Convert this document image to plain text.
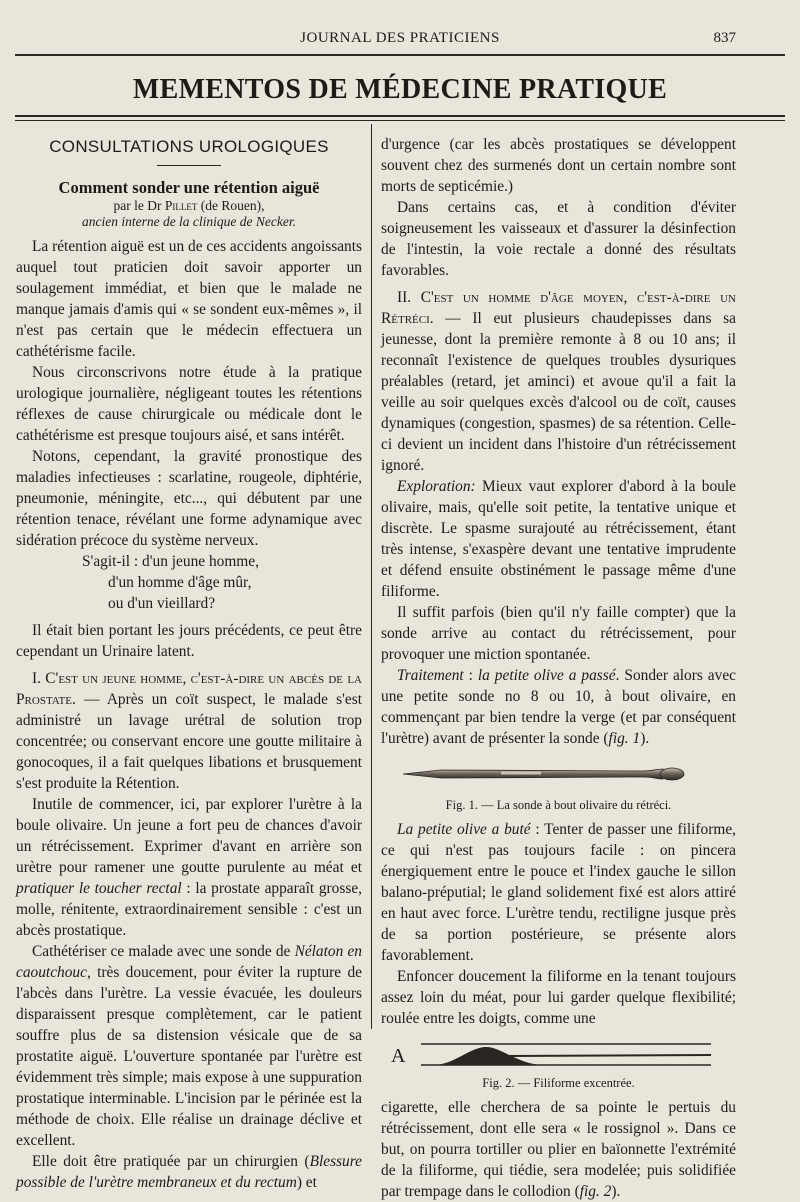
JOURNAL DES PRATICIENS	837
MEMENTOS DE MÉDECINE PRATIQUE
CONSULTATIONS UROLOGIQUES
Comment sonder une rétention aiguë
par le Dr Pillet (de Rouen),
ancien interne de la clinique de Necker.

La rétention aiguë est un de ces accidents angoissants auquel tout praticien doit savoir apporter un soulagement immédiat, et bien que le malade ne manque jamais d'amis qui « se sondent eux-mêmes », il n'est pas certain que le médecin effectuera un cathétérisme facile.

Nous circonscrivons notre étude à la pratique urologique journalière, négligeant toutes les rétentions réflexes de cause chirurgicale ou médicale dont le cathétérisme est presque toujours aisé, et sans intérêt.

Notons, cependant, la gravité pronostique des maladies infectieuses : scarlatine, rougeole, diphtérie, pneumonie, méningite, etc..., qui débutent par une rétention tenace, révélant une forme adynamique avec sidération précoce du système nerveux.

S'agit-il : d'un jeune homme,

d'un homme d'âge mûr,

ou d'un vieillard?

Il était bien portant les jours précédents, ce peut être cependant un Urinaire latent.

I. C'est un jeune homme, c'est-à-dire un abcès de la Prostate. — Après un coït suspect, le malade s'est administré un lavage urétral de solution trop concentrée; ou conservant encore une goutte militaire à gonocoques, il a fait quelques libations et brusquement s'est produite la Rétention.

Inutile de commencer, ici, par explorer l'urètre à la boule olivaire. Un jeune a fort peu de chances d'avoir un rétrécissement. Exprimer d'avant en arrière son urètre pour ramener une goutte purulente au méat et pratiquer le toucher rectal : la prostate apparaît grosse, molle, rénitente, extraordinairement sensible : c'est un abcès prostatique.

Cathétériser ce malade avec une sonde de Nélaton en caoutchouc, très doucement, pour éviter la rupture de l'abcès dans l'urètre. La vessie évacuée, les douleurs disparaissent presque complètement, car le patient souffre plus de sa distension vésicale que de sa prostatite aiguë. L'ouverture spontanée par l'urètre est évidemment très simple; mais expose à une suppuration prostatique interminable. L'incision par le périnée est la méthode de choix. Elle réalise un drainage déclive et excellent.

Elle doit être pratiquée par un chirurgien (Blessure possible de l'urètre membraneux et du rectum) et

d'urgence (car les abcès prostatiques se développent souvent chez des surmenés dont un certain nombre sont morts de septicémie.)

Dans certains cas, et à condition d'éviter soigneusement les vaisseaux et d'assurer la désinfection de l'intestin, la voie rectale a donné des résultats favorables.

II. C'est un homme d'âge moyen, c'est-à-dire un Rétréci. — Il eut plusieurs chaudepisses dans sa jeunesse, dont la première remonte à 8 ou 10 ans; il reconnaît l'existence de quelques troubles dysuriques préalables (retard, jet aminci) et avoue qu'il a fait la veille au soir quelques excès d'alcool ou de coït, causes dynamiques (congestion, spasmes) de sa rétention. Celle-ci devient un incident dans l'histoire d'un rétrécissement ignoré.

Exploration: Mieux vaut explorer d'abord à la boule olivaire, mais, qu'elle soit petite, la tentative unique et discrète. Le spasme surajouté au rétrécissement, étant très intense, s'exaspère devant une tentative imprudente et défend ensuite obstinément le passage même d'une filiforme.

Il suffit parfois (bien qu'il n'y faille compter) que la sonde arrive au contact du rétrécissement, pour provoquer une miction spontanée.

Traitement : la petite olive a passé. Sonder alors avec une petite sonde no 8 ou 10, à bout olivaire, en commençant par bien tendre la verge (et par conséquent l'urètre) avant de présenter la sonde (fig. 1).

Fig. 1. — La sonde à bout olivaire du rétréci.

La petite olive a buté : Tenter de passer une filiforme, ce qui n'est pas toujours facile : on pincera énergiquement entre le pouce et l'index gauche le sillon balano-préputial; le gland solidement fixé est alors attiré en haut avec force. L'urètre tendu, rectiligne jusque près de sa portion postérieure, se présente alors favorablement.

Enfoncer doucement la filiforme en la tenant toujours assez loin du méat, pour lui garder quelque flexibilité; roulée entre les doigts, comme une

A
Fig. 2. — Filiforme excentrée.

cigarette, elle cherchera de sa pointe le pertuis du rétrécissement, dont elle sera « le rossignol ». Dans ce but, on pourra tortiller ou plier en baïonnette l'extrémité de la filiforme, qui tiédie, sera modelée; puis solidifiée par trempage dans le collodion (fig. 2).
